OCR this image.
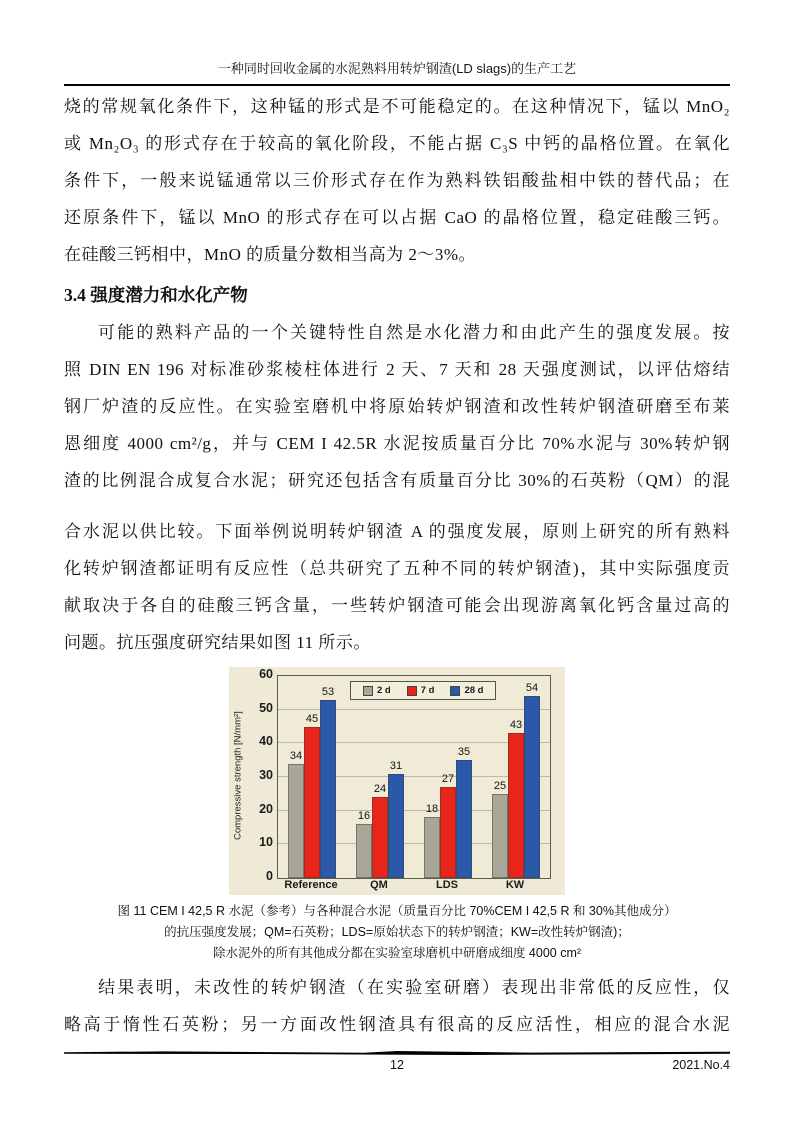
一种同时回收金属的水泥熟料用转炉钢渣(LD slags)的生产工艺
烧的常规氧化条件下，这种锰的形式是不可能稳定的。在这种情况下，锰以 MnO₂
或 Mn₂O₃ 的形式存在于较高的氧化阶段，不能占据 C₃S 中钙的晶格位置。在氧化
条件下，一般来说锰通常以三价形式存在作为熟料铁铝酸盐相中铁的替代品；在
还原条件下，锰以 MnO 的形式存在可以占据 CaO 的晶格位置，稳定硅酸三钙。
在硅酸三钙相中，MnO 的质量分数相当高为 2～3%。
3.4 强度潜力和水化产物
可能的熟料产品的一个关键特性自然是水化潜力和由此产生的强度发展。按
照 DIN EN 196 对标准砂浆棱柱体进行 2 天、7 天和 28 天强度测试，以评估熔结
钢厂炉渣的反应性。在实验室磨机中将原始转炉钢渣和改性转炉钢渣研磨至布莱
恩细度 4000 cm²/g，并与 CEM I 42.5R 水泥按质量百分比 70%水泥与 30%转炉钢
渣的比例混合成复合水泥；研究还包括含有质量百分比 30%的石英粉（QM）的混
合水泥以供比较。下面举例说明转炉钢渣 A 的强度发展，原则上研究的所有熟料
化转炉钢渣都证明有反应性（总共研究了五种不同的转炉钢渣)，其中实际强度贡
献取决于各自的硅酸三钙含量，一些转炉钢渣可能会出现游离氧化钙含量过高的
问题。抗压强度研究结果如图 11 所示。
Compressive strength [N/mm²]
0
10
20
30
40
50
60
2 d	7 d	28 d
34
45
53
16
24
31
18
27
35
25
43
54
Reference	QM	LDS	KW
图 11 CEM I 42,5 R 水泥（参考）与各种混合水泥（质量百分比 70%CEM I 42,5 R 和 30%其他成分）
的抗压强度发展；QM=石英粉；LDS=原始状态下的转炉钢渣；KW=改性转炉钢渣)；
除水泥外的所有其他成分都在实验室球磨机中研磨成细度 4000 cm²
结果表明，未改性的转炉钢渣（在实验室研磨）表现出非常低的反应性，仅
略高于惰性石英粉；另一方面改性钢渣具有很高的反应活性，相应的混合水泥
12	2021.No.4
